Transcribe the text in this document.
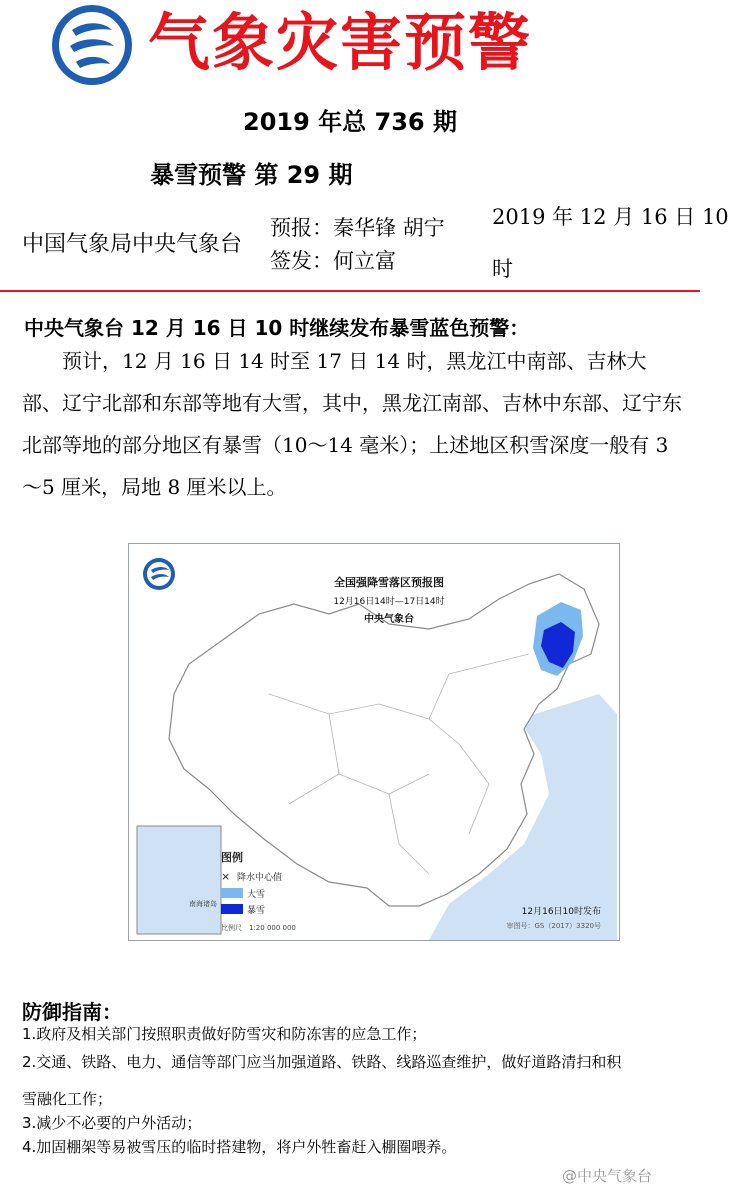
气象灾害预警
2019 年总 736 期
暴雪预警 第 29 期
中国气象局中央气象台
预报：秦华锋 胡宁
签发：何立富
2019 年 12 月 16 日 10
时
中央气象台 12 月 16 日 10 时继续发布暴雪蓝色预警：
预计，12 月 16 日 14 时至 17 日 14 时，黑龙江中南部、吉林大部、辽宁北部和东部等地有大雪，其中，黑龙江南部、吉林中东部、辽宁东北部等地的部分地区有暴雪（10～14 毫米）；上述地区积雪深度一般有 3～5 厘米，局地 8 厘米以上。
南海诸岛
图例
× 降水中心值
大雪
暴雪
比例尺　1:20 000 000
全国强降雪落区预报图
12月16日14时—17日14时
中央气象台
12月16日10时发布
审图号：GS（2017）3320号
防御指南：
1.政府及相关部门按照职责做好防雪灾和防冻害的应急工作；
2.交通、铁路、电力、通信等部门应当加强道路、铁路、线路巡查维护，做好道路清扫和积
雪融化工作；
3.减少不必要的户外活动；
4.加固棚架等易被雪压的临时搭建物，将户外牲畜赶入棚圈喂养。
@中央气象台
